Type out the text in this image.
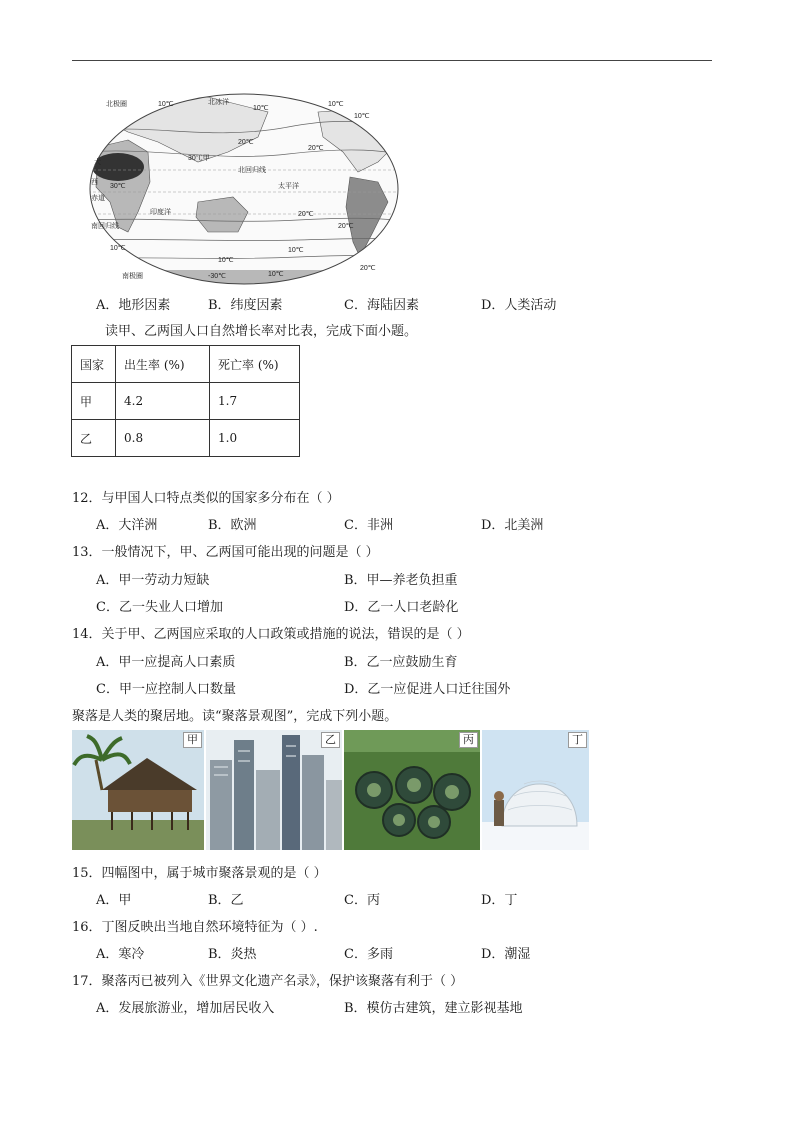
北极圈	北冰洋
10℃
10℃
10℃
大
20℃
20℃
30℃
西
赤道
北回归线
太平洋
印度洋
南回归线
20℃
10℃	10℃
南极圈
10℃
20℃
30℃甲
10℃
20℃
10℃
-30℃
A．地形因素	B．纬度因素	C．海陆因素	D．人类活动
读甲、乙两国人口自然增长率对比表，完成下面小题。
国家	出生率 (%)	死亡率 (%)
甲	4.2	1.7
乙	0.8	1.0
12．与甲国人口特点类似的国家多分布在（ ）
A．大洋洲	B．欧洲	C．非洲	D．北美洲
13．一般情况下，甲、乙两国可能出现的问题是（ ）
A．甲一劳动力短缺	B．甲—养老负担重
C．乙一失业人口增加	D．乙一人口老龄化
14．关于甲、乙两国应采取的人口政策或措施的说法，错误的是（ ）
A．甲一应提高人口素质	B．乙一应鼓励生育
C．甲一应控制人口数量	D．乙一应促进人口迁往国外
聚落是人类的聚居地。读“聚落景观图”，完成下列小题。
甲	乙	丙	丁
15．四幅图中，属于城市聚落景观的是（ ）
A．甲	B．乙	C．丙	D．丁
16．丁图反映出当地自然环境特征为（ ）.
A．寒冷	B．炎热	C．多雨	D．潮湿
17．聚落丙已被列入《世界文化遗产名录》，保护该聚落有利于（ ）
A．发展旅游业，增加居民收入	B．模仿古建筑，建立影视基地
